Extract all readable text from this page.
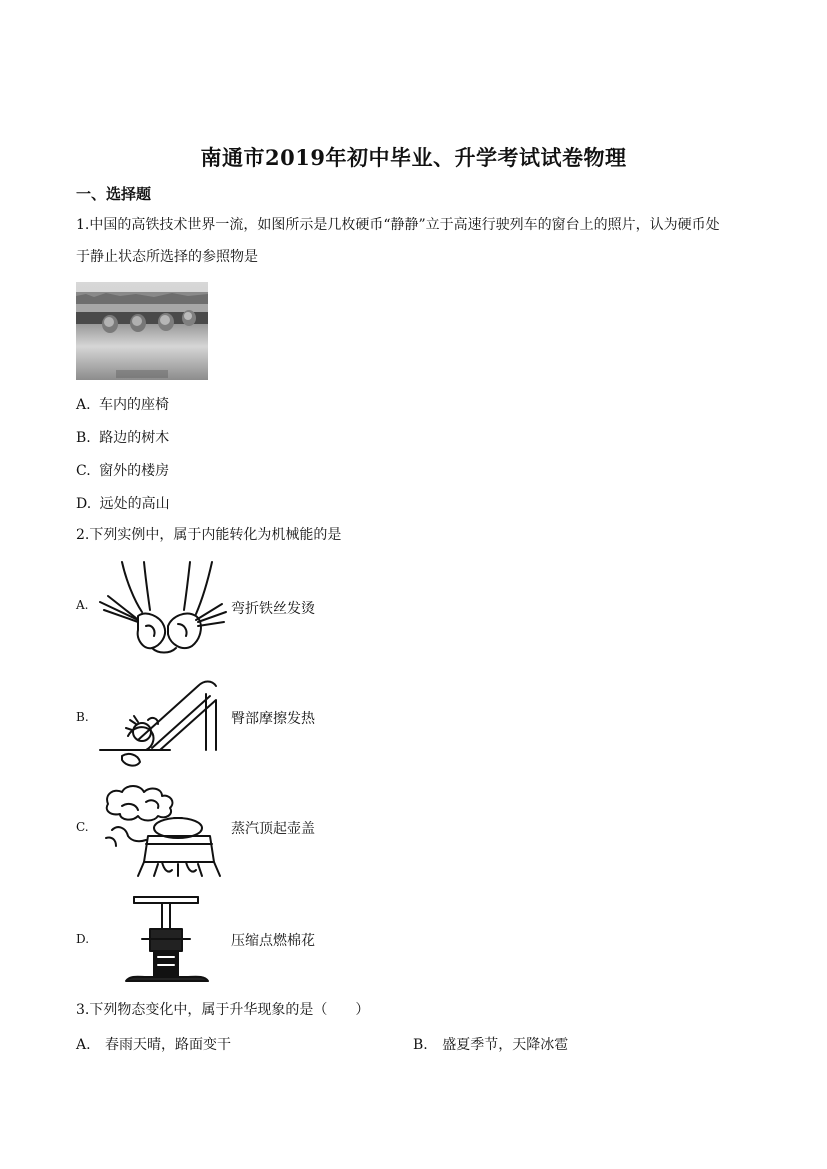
南通市2019年初中毕业、升学考试试卷物理
一、选择题
1.中国的高铁技术世界一流，如图所示是几枚硬币“静静”立于高速行驶列车的窗台上的照片，认为硬币处
于静止状态所选择的参照物是
A. 车内的座椅
B. 路边的树木
C. 窗外的楼房
D. 远处的高山
2.下列实例中，属于内能转化为机械能的是
A.	弯折铁丝发烫
B.	臀部摩擦发热
C.	蒸汽顶起壶盖
D.	压缩点燃棉花
3.下列物态变化中，属于升华现象的是（　　）
A. 春雨天晴，路面变干	B. 盛夏季节，天降冰雹
